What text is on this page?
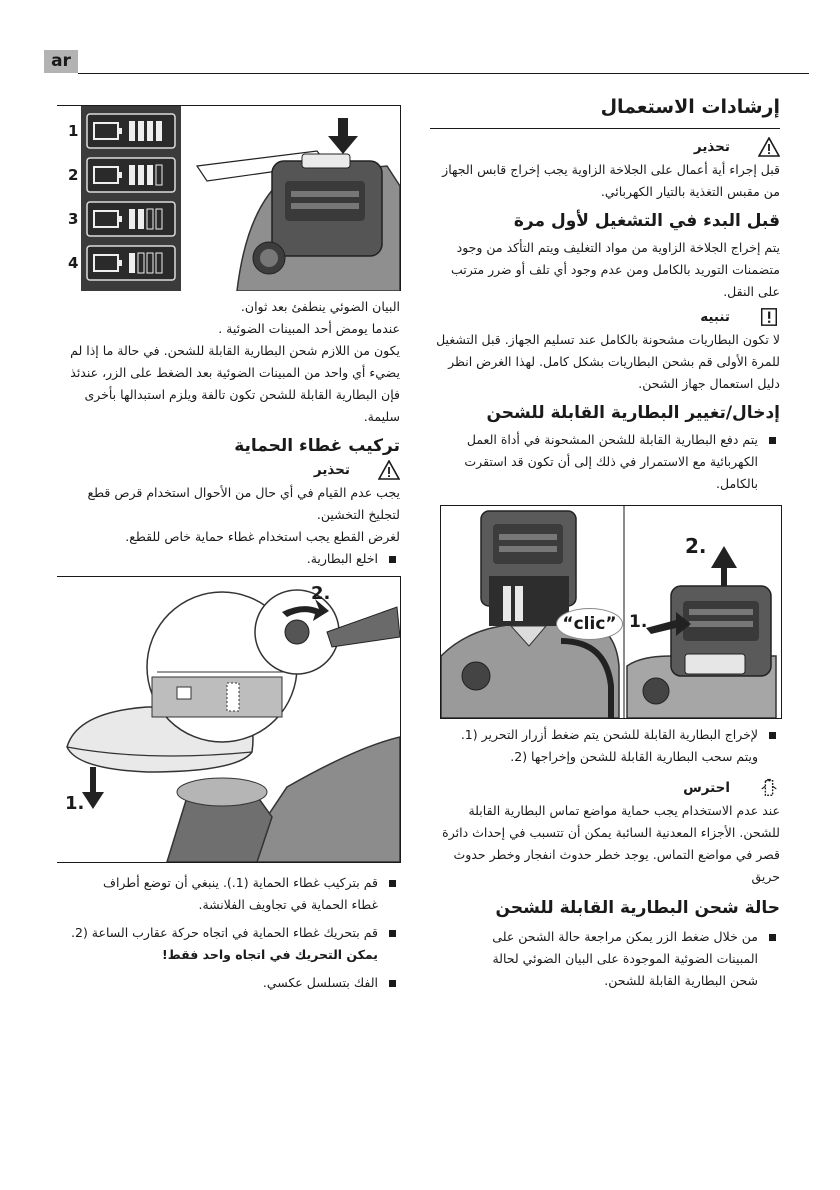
ar
إرشادات الاستعمال
تحذير

قبل إجراء أية أعمال على الجلاخة الزاوية يجب إخراج قابس الجهاز من مقبس التغذية بالتيار الكهربائي.

قبل البدء في التشغيل لأول مرة

يتم إخراج الجلاخة الزاوية من مواد التغليف ويتم التأكد من وجود متضمنات التوريد بالكامل ومن عدم وجود أي تلف أو ضرر مترتب على النقل.

تنبيه

لا تكون البطاريات مشحونة بالكامل عند تسليم الجهاز. قبل التشغيل للمرة الأولى قم بشحن البطاريات بشكل كامل. لهذا الغرض انظر دليل استعمال جهاز الشحن.

إدخال/تغيير البطارية القابلة للشحن

يتم دفع البطارية القابلة للشحن المشحونة في أداة العمل الكهربائية مع الاستمرار في ذلك إلى أن تكون قد استقرت بالكامل.

“clic” 1.
2.

لإخراج البطارية القابلة للشحن يتم ضغط أزرار التحرير (1.

ويتم سحب البطارية القابلة للشحن وإخراجها (2.

احترس

عند عدم الاستخدام يجب حماية مواضع تماس البطارية القابلة للشحن. الأجزاء المعدنية السائبة يمكن أن تتسبب في إحداث دائرة قصر في مواضع التماس. يوجد خطر حدوث انفجار وخطر حدوث حريق

حالة شحن البطارية القابلة للشحن

من خلال ضغط الزر يمكن مراجعة حالة الشحن على

المبينات الضوئية الموجودة على البيان الضوئي لحالة

شحن البطارية القابلة للشحن.

1
2
3
4

البيان الضوئي ينطفئ بعد ثوان.

عندما يومض أحد المبينات الضوئية .

يكون من اللازم شحن البطارية القابلة للشحن. في حالة ما إذا لم يضيء أي واحد من المبينات الضوئية بعد الضغط على الزر، عندئذ فإن البطارية القابلة للشحن تكون تالفة ويلزم استبدالها بأخرى سليمة.

تركيب غطاء الحماية
تحذير

يجب عدم القيام في أي حال من الأحوال استخدام قرص قطع لتجليخ التخشين.

لغرض القطع يجب استخدام غطاء حماية خاص للقطع.

اخلع البطارية.

1.
2.

قم بتركيب غطاء الحماية (1.). ينبغي أن توضع أطراف

غطاء الحماية في تجاويف الفلانشة.

قم بتحريك غطاء الحماية في اتجاه حركة عقارب الساعة (2.

يمكن التحريك في اتجاه واحد فقط!

الفك بتسلسل عكسي.
